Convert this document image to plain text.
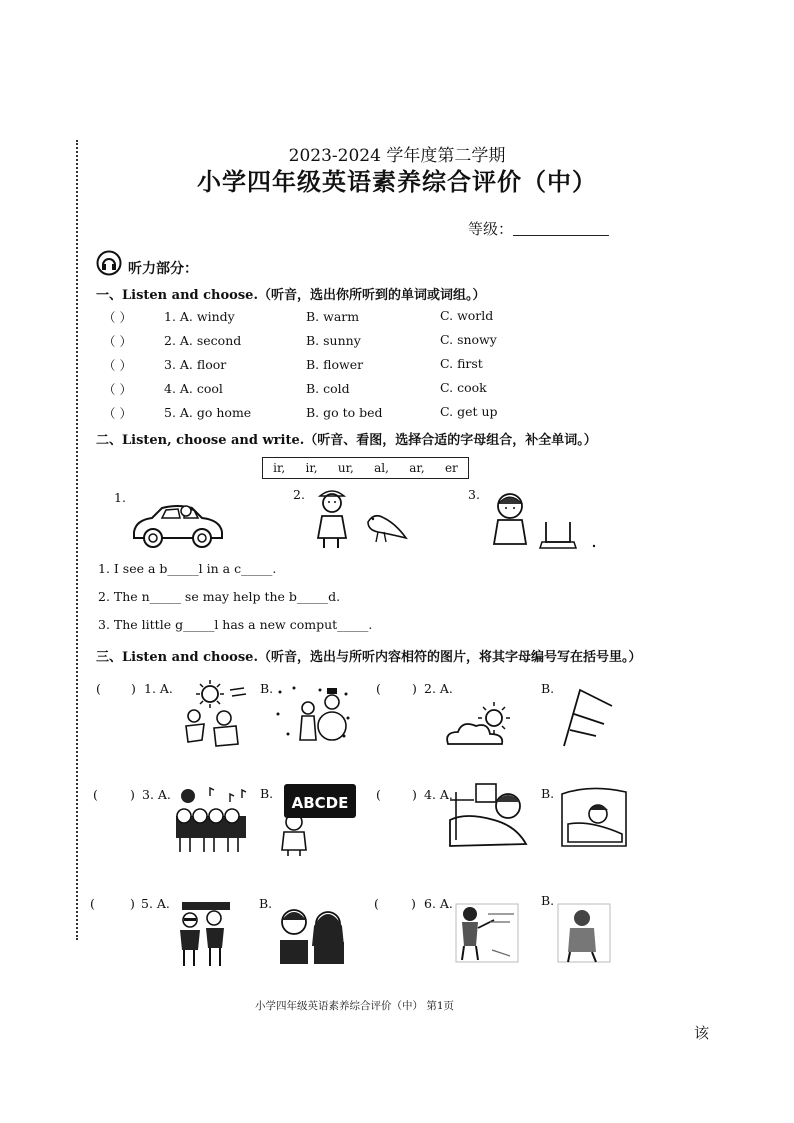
2023-2024 学年度第二学期
小学四年级英语素养综合评价（中）
等级：
听力部分：
一、Listen and choose.（听音，选出你所听到的单词或词组。）
（ ）	1. A. windy	B. warm	C. world
（ ）	2. A. second	B. sunny	C. snowy
（ ）	3. A. floor	B. flower	C. first
（ ）	4. A. cool	B. cold	C. cook
（ ）	5. A. go home	B. go to bed	C. get up
二、Listen, choose and write.（听音、看图，选择合适的字母组合，补全单词。）
ir, ir, ur, al, ar, er
1.	2.	3.
1. I see a b_____l in a c_____.
2. The n_____ se may help the b_____d.
3. The little g_____l has a new comput_____.
三、Listen and choose.（听音，选出与所听内容相符的图片，将其字母编号写在括号里。）
( ) 1. A.	B.	( ) 2. A.	B.
(	) 3. A.	B.	( ) 4. A.	B.
ABCDE
(	) 5. A.	B.	(	) 6. A.	B.
小学四年级英语素养综合评价（中） 第1页
该
